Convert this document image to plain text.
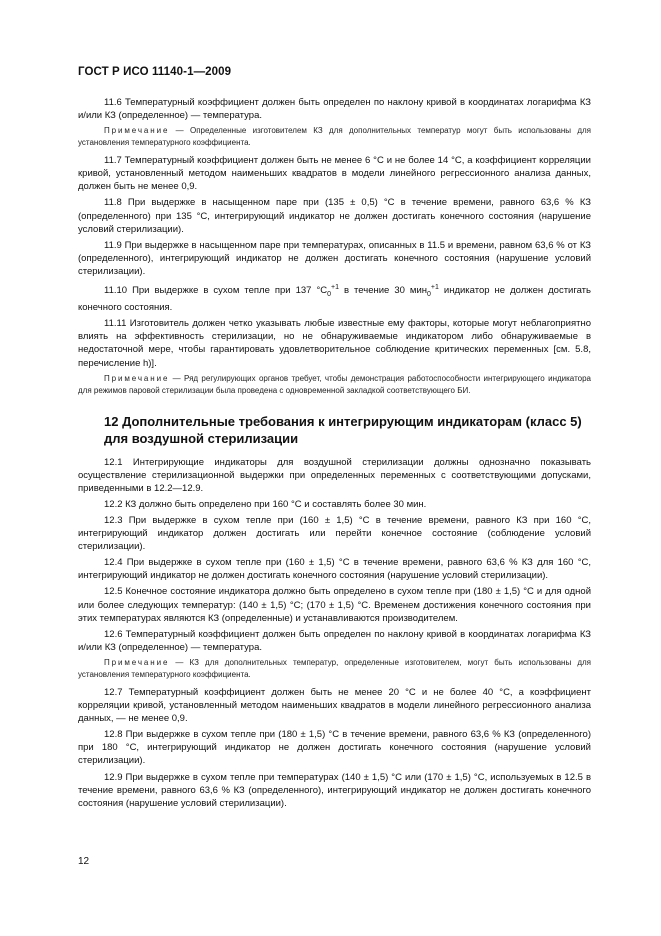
ГОСТ Р ИСО 11140-1—2009

11.6 Температурный коэффициент должен быть определен по наклону кривой в координатах логарифма КЗ и/или КЗ (определенное) — температура.

Примечание — Определенные изготовителем КЗ для дополнительных температур могут быть использованы для установления температурного коэффициента.

11.7 Температурный коэффициент должен быть не менее 6 °С и не более 14 °С, а коэффициент корреляции кривой, установленный методом наименьших квадратов в модели линейного регрессионного анализа данных, должен быть не менее 0,9.

11.8 При выдержке в насыщенном паре при (135 ± 0,5) °С в течение времени, равного 63,6 % КЗ (определенного) при 135 °С, интегрирующий индикатор не должен достигать конечного состояния (нарушение условий стерилизации).

11.9 При выдержке в насыщенном паре при температурах, описанных в 11.5 и времени, равном 63,6 % от КЗ (определенного), интегрирующий индикатор не должен достигать конечного состояния (нарушение условий стерилизации).

11.10 При выдержке в сухом тепле при 137 $^\circ С_0^{+1}$ в течение 30 мин$_0^{+1}$ индикатор не должен достигать конечного состояния.

11.11 Изготовитель должен четко указывать любые известные ему факторы, которые могут неблагоприятно влиять на эффективность стерилизации, но не обнаруживаемые индикатором либо обнаруживаемые в недостаточной мере, чтобы гарантировать удовлетворительное соблюдение критических переменных [см. 5.8, перечисление h)].

Примечание — Ряд регулирующих органов требует, чтобы демонстрация работоспособности интегрирующего индикатора для режимов паровой стерилизации была проведена с одновременной закладкой соответствующего БИ.

12 Дополнительные требования к интегрирующим индикаторам (класс 5)
для воздушной стерилизации

12.1 Интегрирующие индикаторы для воздушной стерилизации должны однозначно показывать осуществление стерилизационной выдержки при определенных переменных с соответствующими допусками, приведенными в 12.2—12.9.

12.2 КЗ должно быть определено при 160 °С и составлять более 30 мин.

12.3 При выдержке в сухом тепле при (160 ± 1,5) °С в течение времени, равного КЗ при 160 °С, интегрирующий индикатор должен достигать или перейти конечное состояние (соблюдение условий стерилизации).

12.4 При выдержке в сухом тепле при (160 ± 1,5) °С в течение времени, равного 63,6 % КЗ для 160 °С, интегрирующий индикатор не должен достигать конечного состояния (нарушение условий стерилизации).

12.5 Конечное состояние индикатора должно быть определено в сухом тепле при (180 ± 1,5) °С и для одной или более следующих температур: (140 ± 1,5) °С; (170 ± 1,5) °С. Временем достижения конечного состояния при этих температурах являются КЗ (определенные) и устанавливаются производителем.

12.6 Температурный коэффициент должен быть определен по наклону кривой в координатах логарифма КЗ и/или КЗ (определенное) — температура.

Примечание — КЗ для дополнительных температур, определенные изготовителем, могут быть использованы для установления температурного коэффициента.

12.7 Температурный коэффициент должен быть не менее 20 °С и не более 40 °С, а коэффициент корреляции кривой, установленный методом наименьших квадратов в модели линейного регрессионного анализа данных, — не менее 0,9.

12.8 При выдержке в сухом тепле при (180 ± 1,5) °С в течение времени, равного 63,6 % КЗ (определенного) при 180 °С, интегрирующий индикатор не должен достигать конечного состояния (нарушение условий стерилизации).

12.9 При выдержке в сухом тепле при температурах (140 ± 1,5) °С или (170 ± 1,5) °С, используемых в 12.5 в течение времени, равного 63,6 % КЗ (определенного), интегрирующий индикатор не должен достигать конечного состояния (нарушение условий стерилизации).

12
